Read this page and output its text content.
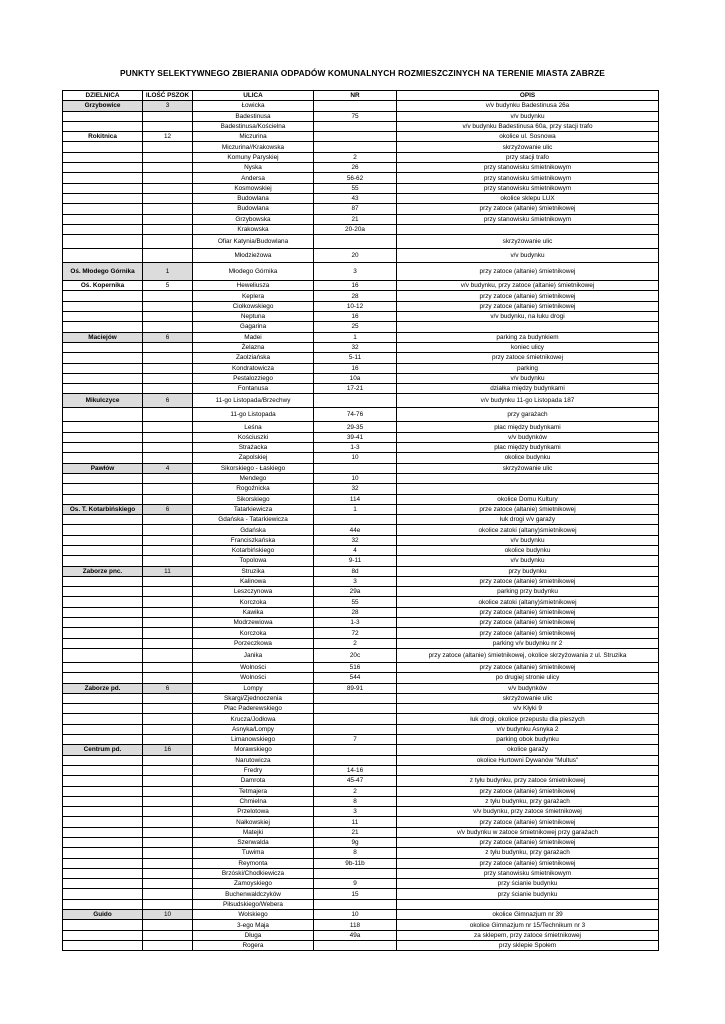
PUNKTY SELEKTYWNEGO ZBIERANIA ODPADÓW KOMUNALNYCH ROZMIESZCZINYCH NA TERENIE MIASTA ZABRZE
DZIELNICA	ILOŚĆ PSZOK	ULICA	NR	OPIS
Grzybowice	3	Łowicka		v/v budynku Badestinusa 26a
		Badestinusa	75	v/v budynku
		Badestinusa/Kościelna		v/v budynku Badestinusa 60a, przy stacji trafo
Rokitnica	12	Miczurina		okolice ul. Sosnowa
		Miczurina//Krakowska		skrzyżowanie ulic
		Komuny Paryskiej	2	przy stacji trafo
		Nyska	26	przy stanowisku śmietnikowym
		Andersa	56-62	przy stanowisku śmietnikowym
		Kosmowskiej	55	przy stanowisku śmietnikowym
		Budowlana	43	okolice sklepu LUX
		Budowlana	87	przy zatoce (altanie) śmietnikowej
		Grzybowska	21	przy stanowisku śmietnikowym
		Krakowska	20-20a	
		Ofiar Katynia/Budowlana		skrzyżowanie ulic
		Młodzieżowa	20	v/v budynku
Oś. Młodego Górnika	1	Młodego Górnika	3	przy zatoce (altanie) śmietnikowej
Oś. Kopernika	5	Heweliusza	16	v/v budynku, przy zatoce (altanie) śmietnikowej
		Keplera	28	przy zatoce (altanie) śmietnikowej
		Ciołkowskiego	10-12	przy zatoce (altanie) śmietnikowej
		Neptuna	16	v/v budynku, na łuku drogi
		Gagarina	25	
Maciejów	6	Madei	1	parking za budynkiem
		Żelazna	32	koniec ulicy
		Zaolziańska	5-11	przy zatoce śmietnikowej
		Kondratowicza	16	parking
		Pestalozziego	10a	v/v budynku
		Fontanusa	17-21	działka między budynkami
Mikulczyce	6	11-go Listopada/Brzechwy		v/v budynku 11-go Listopada 187
		11-go Listopada	74-76	przy garażach
		Leśna	29-35	plac między budynkami
		Kościuszki	39-41	v/v budynków
		Strażacka	1-3	plac między budynkami
		Zapolskiej	10	okolice budynku
Pawłów	4	Sikorskiego - Łaskiego		skrzyżowanie ulic
		Mendego	10	
		Rogoźnicka	32	
		Sikorskiego	114	okolice Domu Kultury
Os. T. Kotarbińskiego	6	Tatarkiewicza	1	prze zatoce (altanie) śmietnikowej
		Gdańska - Tatarkiewicza		łuk drogi v/v garaży
		Gdańska	44e	okolice zatoki (altany)śmietnikowej
		Franciszkańska	32	v/v budynku
		Kotarbińskiego	4	okolice budynku
		Topolowa	9-11	v/v budynku
Zaborze pnc.	11	Struzika	8d	przy budynku
		Kalinowa	3	przy zatoce (altanie) śmietnikowej
		Leszczynowa	29a	parking przy budynku
		Korczoka	55	okolice zatoki (altany)śmietnikowej
		Kawika	28	przy zatoce (altanie) śmietnikowej
		Modrzewiowa	1-3	przy zatoce (altanie) śmietnikowej
		Korczoka	72	przy zatoce (altanie) śmietnikowej
		Porzeczkowa	2	parking v/v budynku nr 2
		Janika	20c	przy zatoce (altanie) śmietnikowej, okolice skrzyżowania z ul. Struzika
		Wolności	516	przy zatoce (altanie) śmietnikowej
		Wolności	544	po drugiej stronie ulicy
Zaborze pd.	6	Lompy	89-91	v/v budynków
		Skargi/Zjednoczenia		skrzyżowanie ulic
		Plac Paderewskiego		v/v Kłyki 9
		Krucza/Jodłowa		łuk drogi, okolice przepustu dla pieszych
		Asnyka/Lompy		v/v budynku Asnyka 2
		Limanowskiego	7	parking obok budynku
Centrum pd.	16	Morawskiego		okolice garaży
		Narutowicza		okolice Hurtowni Dywanów "Multus"
		Fredry	14-16	
		Damrota	45-47	z tyłu budynku, przy zatoce śmietnikowej
		Tetmajera	2	przy zatoce (altanie) śmietnikowej
		Chmielna	8	z tyłu budynku, przy garażach
		Przelotowa	3	v/v budynku, przy zatoce śmietnikowej
		Nałkowskiej	11	przy zatoce (altanie) śmietnikowej
		Matejki	21	v/v budynku w zatoce śmietnikowej przy garażach
		Szenwalda	9g	przy zatoce (altanie) śmietnikowej
		Tuwima	8	z tyłu budynku, przy garażach
		Reymonta	9b-11b	przy zatoce (altanie) śmietnikowej
		Brzóski/Chodkiewicza		przy stanowisku śmietnikowym
		Zamoyskiego	9	przy ścianie budynku
		Buchenwaldczyków	15	przy ścianie budynku
		Piłsudskiego/Webera		
Guido	10	Wolskiego	10	okolice Gimnazjum nr 39
		3-ego Maja	118	okolice Gimnazjum nr 15/Technikum nr 3
		Długa	49a	za sklepem, przy zatoce śmietnikowej
		Rogera		przy sklepie Społem
